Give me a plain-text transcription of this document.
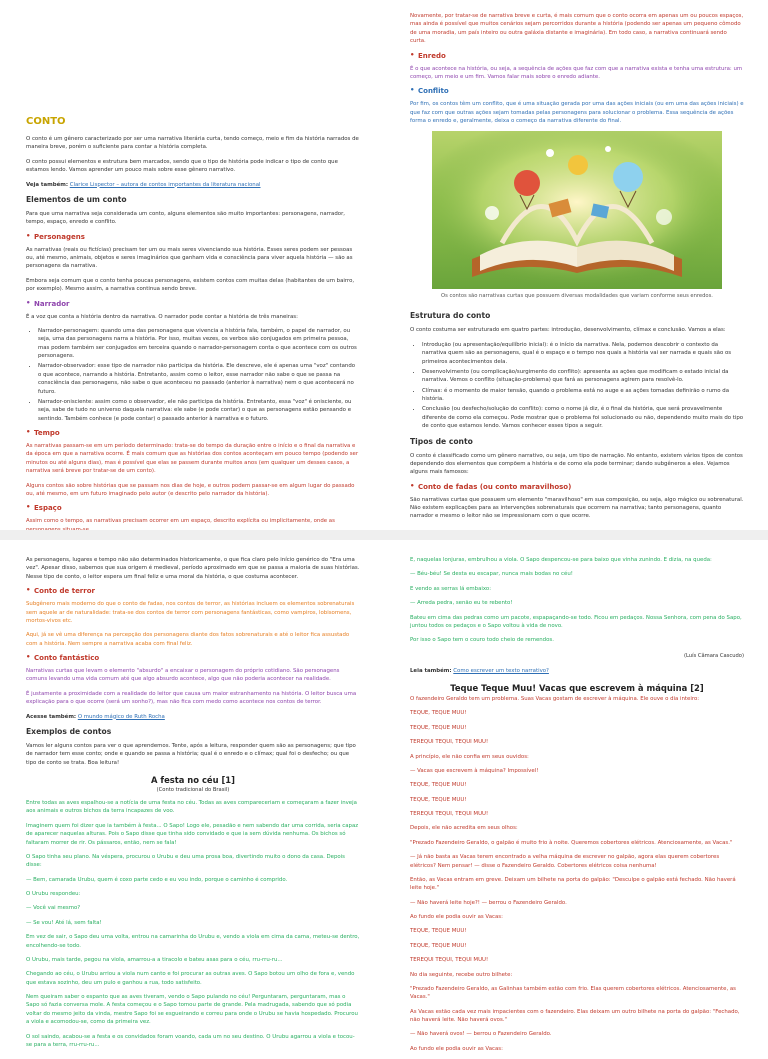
CONTO

O conto é um gênero caracterizado por ser uma narrativa literária curta, tendo começo, meio e fim da história narrados de maneira breve, porém o suficiente para contar a história completa.

O conto possui elementos e estrutura bem marcados, sendo que o tipo de história pode indicar o tipo de conto que estamos lendo. Vamos aprender um pouco mais sobre esse gênero narrativo.

Veja também: Clarice Lispector – autora de contos importantes da literatura nacional

Elementos de um conto

Para que uma narrativa seja considerada um conto, alguns elementos são muito importantes: personagens, narrador, tempo, espaço, enredo e conflito.

• Personagens

As narrativas (reais ou fictícias) precisam ter um ou mais seres vivenciando sua história. Esses seres podem ser pessoas ou, até mesmo, animais, objetos e seres imaginários que ganham vida e consciência para viver aquela história — são as personagens da narrativa.

Embora seja comum que o conto tenha poucas personagens, existem contos com muitas delas (habitantes de um bairro, por exemplo). Mesmo assim, a narrativa continua sendo breve.

• Narrador

É a voz que conta a história dentro da narrativa. O narrador pode contar a história de três maneiras:

• Narrador-personagem: quando uma das personagens que vivencia a história fala, também, o papel de narrador, ou seja, uma das personagens narra a história. Por isso, muitas vezes, os verbos são conjugados em primeira pessoa, mas podem também ser conjugados em terceira quando o narrador-personagem conta o que acontece com os outros personagens.
• Narrador-observador: esse tipo de narrador não participa da história. Ele descreve, ele é apenas uma "voz" contando o que acontece, narrando a história. Entretanto, assim como o leitor, esse narrador não sabe o que se passa na consciência das personagens, não sabe o que aconteceu no passado (anterior à narrativa) nem o que acontecerá no futuro.
• Narrador-onisciente: assim como o observador, ele não participa da história. Entretanto, essa "voz" é onisciente, ou seja, sabe de tudo no universo daquela narrativa: ele sabe (e pode contar) o que as personagens estão pensando e sentindo. Também conhece (e pode contar) o passado anterior à narrativa e o futuro.
• Tempo

As narrativas passam-se em um período determinado: trata-se do tempo da duração entre o início e o final da narrativa e da época em que a narrativa ocorre. É mais comum que as histórias dos contos aconteçam em pouco tempo (podendo ser minutos ou até alguns dias), mas é possível que elas se passem durante muitos anos (em qualquer um desses casos, a narrativa será breve por tratar-se de um conto).

Alguns contos são sobre histórias que se passam nos dias de hoje, e outros podem passar-se em algum lugar do passado ou, até mesmo, em um futuro imaginado pelo autor (e descrito pelo narrador da história).

• Espaço

Assim como o tempo, as narrativas precisam ocorrer em um espaço, descrito explícita ou implicitamente, onde as

Novamente, por tratar-se de narrativa breve e curta, é mais comum que o conto ocorra em apenas um ou poucos espaços, mas ainda é possível que muitos cenários sejam percorridos durante a história (podendo ser apenas um pequeno cômodo de uma moradia, um país inteiro ou outra galáxia distante e imaginária). Em todo caso, a narrativa continuará sendo curta.

• Enredo

É o que acontece na história, ou seja, a sequência de ações que faz com que a narrativa exista e tenha uma estrutura: um começo, um meio e um fim. Vamos falar mais sobre o enredo adiante.

• Conflito

Por fim, os contos têm um conflito, que é uma situação gerada por uma das ações iniciais (ou em uma das ações iniciais) e que faz com que outras ações sejam tomadas pelas personagens para solucionar o problema. Essa sequência de ações forma o enredo e, geralmente, deixa o começo da narrativa diferente do final.

Os contos são narrativas curtas que possuem diversas modalidades que variam conforme seus enredos.
Estrutura do conto

O conto costuma ser estruturado em quatro partes: introdução, desenvolvimento, clímax e conclusão. Vamos a elas:

• Introdução (ou apresentação/equilíbrio inicial): é o início da narrativa. Nela, podemos descobrir o contexto da narrativa quem são as personagens, qual é o espaço e o tempo nos quais a história vai ser narrada e quais são os primeiros acontecimentos dela.
• Desenvolvimento (ou complicação/surgimento do conflito): apresenta as ações que modificam o estado inicial da narrativa. Vemos o conflito (situação-problema) que fará as personagens agirem para resolvê-lo.
• Clímax: é o momento de maior tensão, quando o problema está no auge e as ações tomadas definirão o rumo da história.
• Conclusão (ou desfecho/solução do conflito): como o nome já diz, é o final da história, que será provavelmente diferente de como ela começou. Pode mostrar que o problema foi solucionado ou não, dependendo muito mais do tipo de conto que estamos lendo. Vamos conhecer esses tipos a seguir.
Tipos de conto

O conto é classificado como um gênero narrativo, ou seja, um tipo de narração. No entanto, existem vários tipos de contos dependendo dos elementos que compõem a história e de como ela pode terminar; dando subgêneros a eles. Vejamos alguns mais famosos:

• Conto de fadas (ou conto maravilhoso)

São narrativas curtas que possuem um elemento "maravilhoso" em sua composição, ou seja, algo mágico ou sobrenatural. Não existem explicações para as intervenções sobrenaturais que ocorrem na narrativa; tanto personagens, quanto narrador e mesmo o leitor não se impressionam com o que ocorre.

As personagens, lugares e tempo não são determinados historicamente, o que fica claro pelo início genérico do "Era uma vez". Apesar disso, sabemos que sua origem é medieval, período aproximado em que se passa a maioria de suas histórias. Nesse tipo de conto, o leitor espera um final feliz e uma moral da história, o que costuma acontecer.

• Conto de terror

Subgênero mais moderno do que o conto de fadas, nos contos de terror, as histórias incluem os elementos sobrenaturais sem aquele ar de naturalidade: trata-se dos contos de terror com personagens fantásticas, como vampiros, lobisomens, mortos-vivos etc.

Aqui, já se vê uma diferença na percepção dos personagens diante dos fatos sobrenaturais e até o leitor fica assustado com a história. Nem sempre a narrativa acaba com final feliz.

• Conto fantástico

Narrativas curtas que levam o elemento "absurdo" a encaixar o personagem do próprio cotidiano. São personagens comuns levando uma vida comum até que algo absurdo acontece, algo que não poderia acontecer na realidade.

É justamente a proximidade com a realidade do leitor que causa um maior estranhamento na história. O leitor busca uma explicação para o que ocorre (será um sonho?), mas não fica com medo como acontece nos contos de terror.

Acesse também: O mundo mágico de Ruth Rocha

Exemplos de contos

Vamos ler alguns contos para ver o que aprendemos. Tente, após a leitura, responder quem são as personagens; que tipo de narrador tem esse conto; onde e quando se passa a história; qual é o enredo e o clímax; qual foi o desfecho; ou que tipo de conto se trata. Boa leitura!

A festa no céu [1]
(Conto tradicional do Brasil)

Entre todas as aves espalhou-se a notícia de uma festa no céu. Todas as aves compareceriam e começaram a fazer inveja aos animais e outros bichos da terra incapazes de voo.

Imaginem quem foi dizer que ia também à festa... O Sapo! Logo ele, pesadão e nem sabendo dar uma corrida, seria capaz de aparecer naquelas alturas. Pois o Sapo disse que tinha sido convidado e que ia sem dúvida nenhuma. Os bichos só faltaram morrer de rir. Os pássaros, então, nem se fala!

O Sapo tinha seu plano. Na véspera, procurou o Urubu e deu uma prosa boa, divertindo muito o dono da casa. Depois disse:

— Bem, camarada Urubu, quem é coxo parte cedo e eu vou indo, porque o caminho é comprido.

O Urubu respondeu:

— Você vai mesmo?

— Se vou! Até lá, sem falta!

Em vez de sair, o Sapo deu uma volta, entrou na camarinha do Urubu e, vendo a viola em cima da cama, meteu-se dentro, encolhendo-se todo.

O Urubu, mais tarde, pegou na viola, amarrou-a a tiracolo e bateu asas para o céu, rru-rru-ru...

Chegando ao céu, o Urubu arriou a viola num canto e foi procurar as outras aves. O Sapo botou um olho de fora e, vendo que estava sozinho, deu um pulo e ganhou a rua, todo satisfeito.

Nem queiram saber o espanto que as aves tiveram, vendo o Sapo pulando no céu! Perguntaram, perguntaram, mas o Sapo só fazia conversa mole. A festa começou e o Sapo tomou parte de grande. Pela madrugada, sabendo que só podia voltar do mesmo jeito da vinda, mestre Sapo foi se esgueirando e correu para onde o Urubu se havia hospedado. Procurou a viola e acomodou-se, como da primeira vez.

O sol saindo, acabou-se a festa e os convidados foram voando, cada um no seu destino. O Urubu agarrou a viola e tocou-se para a terra, rru-rru-ru...

E, naquelas lonjuras, embrulhou a viola. O Sapo despencou-se para baixo que vinha zunindo. E dizia, na queda:

— Béu-béu! Se desta eu escapar, nunca mais bodas no céu!

E vendo as serras lá embaixo:

— Arreda pedra, senão eu te rebento!

Bateu em cima das pedras como um pacote, espapaçando-se todo. Ficou em pedaços. Nossa Senhora, com pena do Sapo, juntou todos os pedaços e o Sapo voltou à vida de novo.

Por isso o Sapo tem o couro todo cheio de remendos.

(Luís Câmara Cascudo)

Leia também: Como escrever um texto narrativo?

Teque Teque Muu! Vacas que escrevem à máquina [2]

O fazendeiro Geraldo tem um problema. Suas Vacas gostam de escrever à máquina. Ele ouve o dia inteiro:

TEQUE, TEQUE MUU!

TEQUE, TEQUE MUU!

TEREQUI TEQUI, TEQUI MUU!

A princípio, ele não confia em seus ouvidos:

— Vacas que escrevem à máquina? Impossível!

TEQUE, TEQUE MUU!

TEQUE, TEQUE MUU!

TEREQUI TEQUI, TEQUI MUU!

Depois, ele não acredita em seus olhos:

"Prezado Fazendeiro Geraldo, o galpão é muito frio à noite. Queremos cobertores elétricos. Atenciosamente, as Vacas."

— Já não basta as Vacas terem encontrado a velha máquina de escrever no galpão, agora elas querem cobertores elétricos? Nem pensar! — disse o Fazendeiro Geraldo. Cobertores elétricos coisa nenhuma!

Então, as Vacas entram em greve. Deixam um bilhete na porta do galpão: "Desculpe o galpão está fechado. Não haverá leite hoje."

— Não haverá leite hoje?! — berrou o Fazendeiro Geraldo.

Ao fundo ele podia ouvir as Vacas:

TEQUE, TEQUE MUU!

TEQUE, TEQUE MUU!

TEREQUI TEQUI, TEQUI MUU!

No dia seguinte, recebe outro bilhete:

"Prezado Fazendeiro Geraldo, as Galinhas também estão com frio. Elas querem cobertores elétricos. Atenciosamente, as Vacas."

As Vacas estão cada vez mais impacientes com o fazendeiro. Elas deixam um outro bilhete na porta do galpão: "Fechado, não haverá leite. Não haverá ovos."

— Não haverá ovos! — berrou o Fazendeiro Geraldo.

Ao fundo ele podia ouvir as Vacas:
